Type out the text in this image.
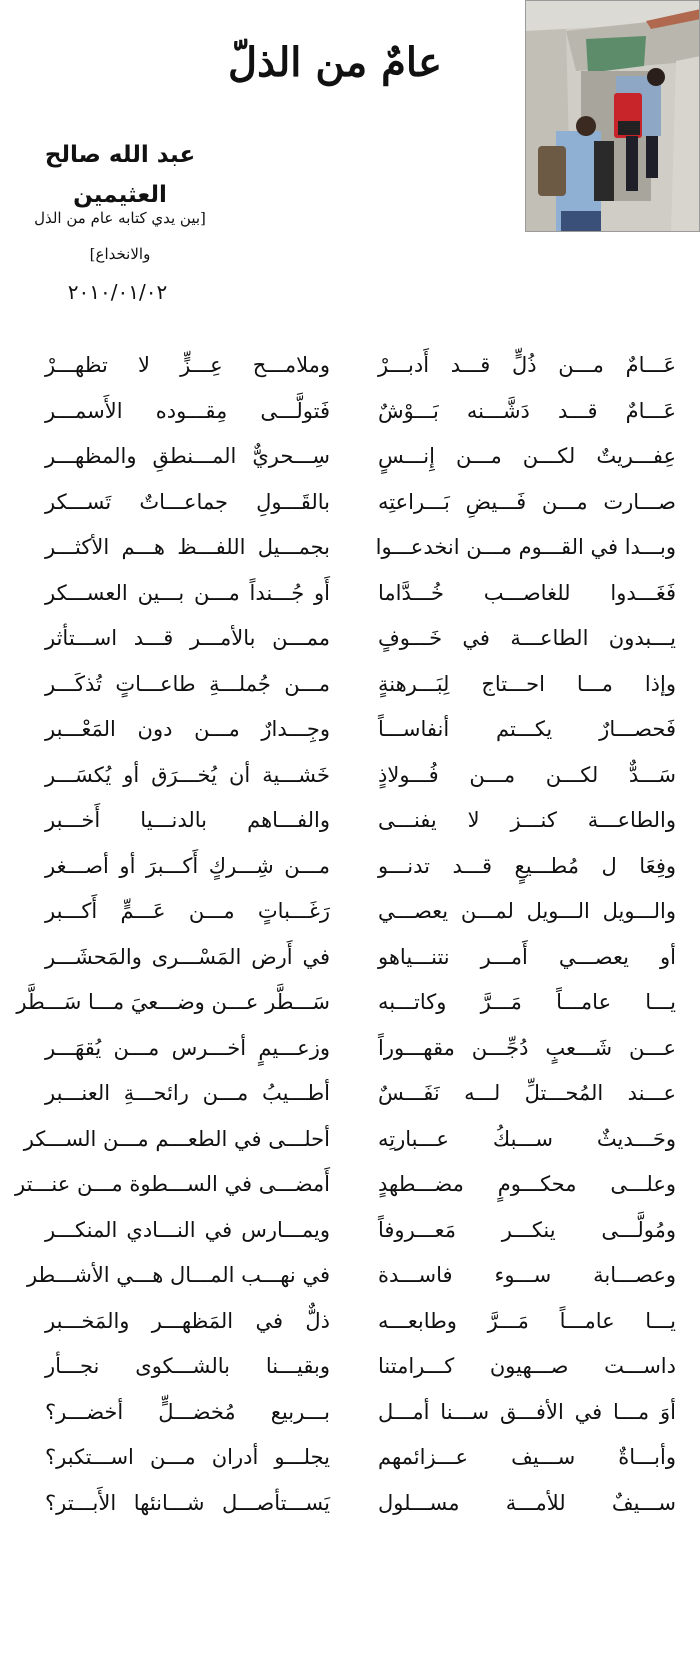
عامٌ من الذلّ
عبد الله صالح العثيمين
[بين يدي كتابه عام من الذل والانخداع]
٢٠١٠/٠١/٠٢
عَـــامٌ مـــن ذُلٍّ قـــد أَدبـــرْ
وملامـــح عِـــزٍّ لا تظهـــرْ
عَـــامٌ قـــد دَشَّـــنه بَـــوْشٌ
فَتولَّـــى مِقـــوده الأَسمـــر
عِفـــريتٌ لكـــن مـــن إِنـــسٍ
سِـــحريٌّ المـــنطقِ والمظهـــر
صـــارت مـــن فَـــيضِ بَـــراعتِه
بالقَـــولِ جماعـــاتٌ تَســـكر
وبـــدا في القـــوم مـــن انخدعـــوا
بجمـــيل اللفـــظ هـــم الأكثـــر
فَغَـــدوا للغاصـــب خُـــدَّاما
أَو جُـــنداً مـــن بـــين العســـكر
يـــبدون الطاعـــة في خَـــوفٍ
ممـــن بالأمـــر قـــد اســـتأثر
وإذا مـــا احـــتاج لِبَـــرهنةٍ
مـــن جُملـــةِ طاعـــاتٍ تُذكَـــر
فَحصـــارٌ يكـــتم أنفاســـاً
وجِـــدارٌ مـــن دون المَعْـــبر
سَـــدٌّ لكـــن مـــن فُـــولاذٍ
خَشـــية أن يُخـــرَق أو يُكسَـــر
والطاعـــة كنـــز لا يفنـــى
والفـــاهم بالدنـــيا أَخـــبر
وفِعَا ل مُطـــيعٍ قـــد تدنـــو
مـــن شِـــركٍ أَكـــبرَ أو أصـــغر
والـــويل الـــويل لمـــن يعصـــي
رَغَـــباتٍ مـــن عَـــمٍّ أَكـــبر
أو يعصـــي أَمـــر نتنـــياهو
في أَرض المَسْـــرى والمَحشَـــر
يـــا عامـــاً مَـــرَّ وكاتـــبه
سَـــطَّر عـــن وضـــعيَ مـــا سَـــطَّر
عـــن شَـــعبٍ دُجِّـــن مقهـــوراً
وزعـــيمٍ أخـــرس مـــن يُقهَـــر
عـــند المُحـــتلِّ لـــه نَفَـــسٌ
أطـــيبُ مـــن رائحـــةِ العنـــبر
وحَـــديثٌ ســـبكُ عـــبارتِه
أحلـــى في الطعـــم مـــن الســـكر
وعلـــى محكـــومٍ مضـــطهدٍ
أَمضـــى في الســـطوة مـــن عنـــتر
ومُولَّـــى ينكـــر مَعـــروفاً
ويمـــارس في النـــادي المنكـــر
وعصـــابة ســـوء فاســـدة
في نهـــب المـــال هـــي الأشـــطر
يـــا عامـــاً مَـــرَّ وطابعـــه
ذلٌّ في المَظهـــر والمَخـــبر
داســـت صـــهيون كـــرامتنا
وبقيـــنا بالشـــكوى نجـــأر
أوَ مـــا في الأفـــق ســـنا أمـــل
بـــربيع مُخضـــلٍّ أخضـــر؟
وأبـــاةٌ ســـيف عـــزائمهم
يجلـــو أدران مـــن اســـتكبر؟
ســـيفٌ للأمـــة مســـلول
يَســـتأصـــل شـــانئها الأَبـــتر؟
